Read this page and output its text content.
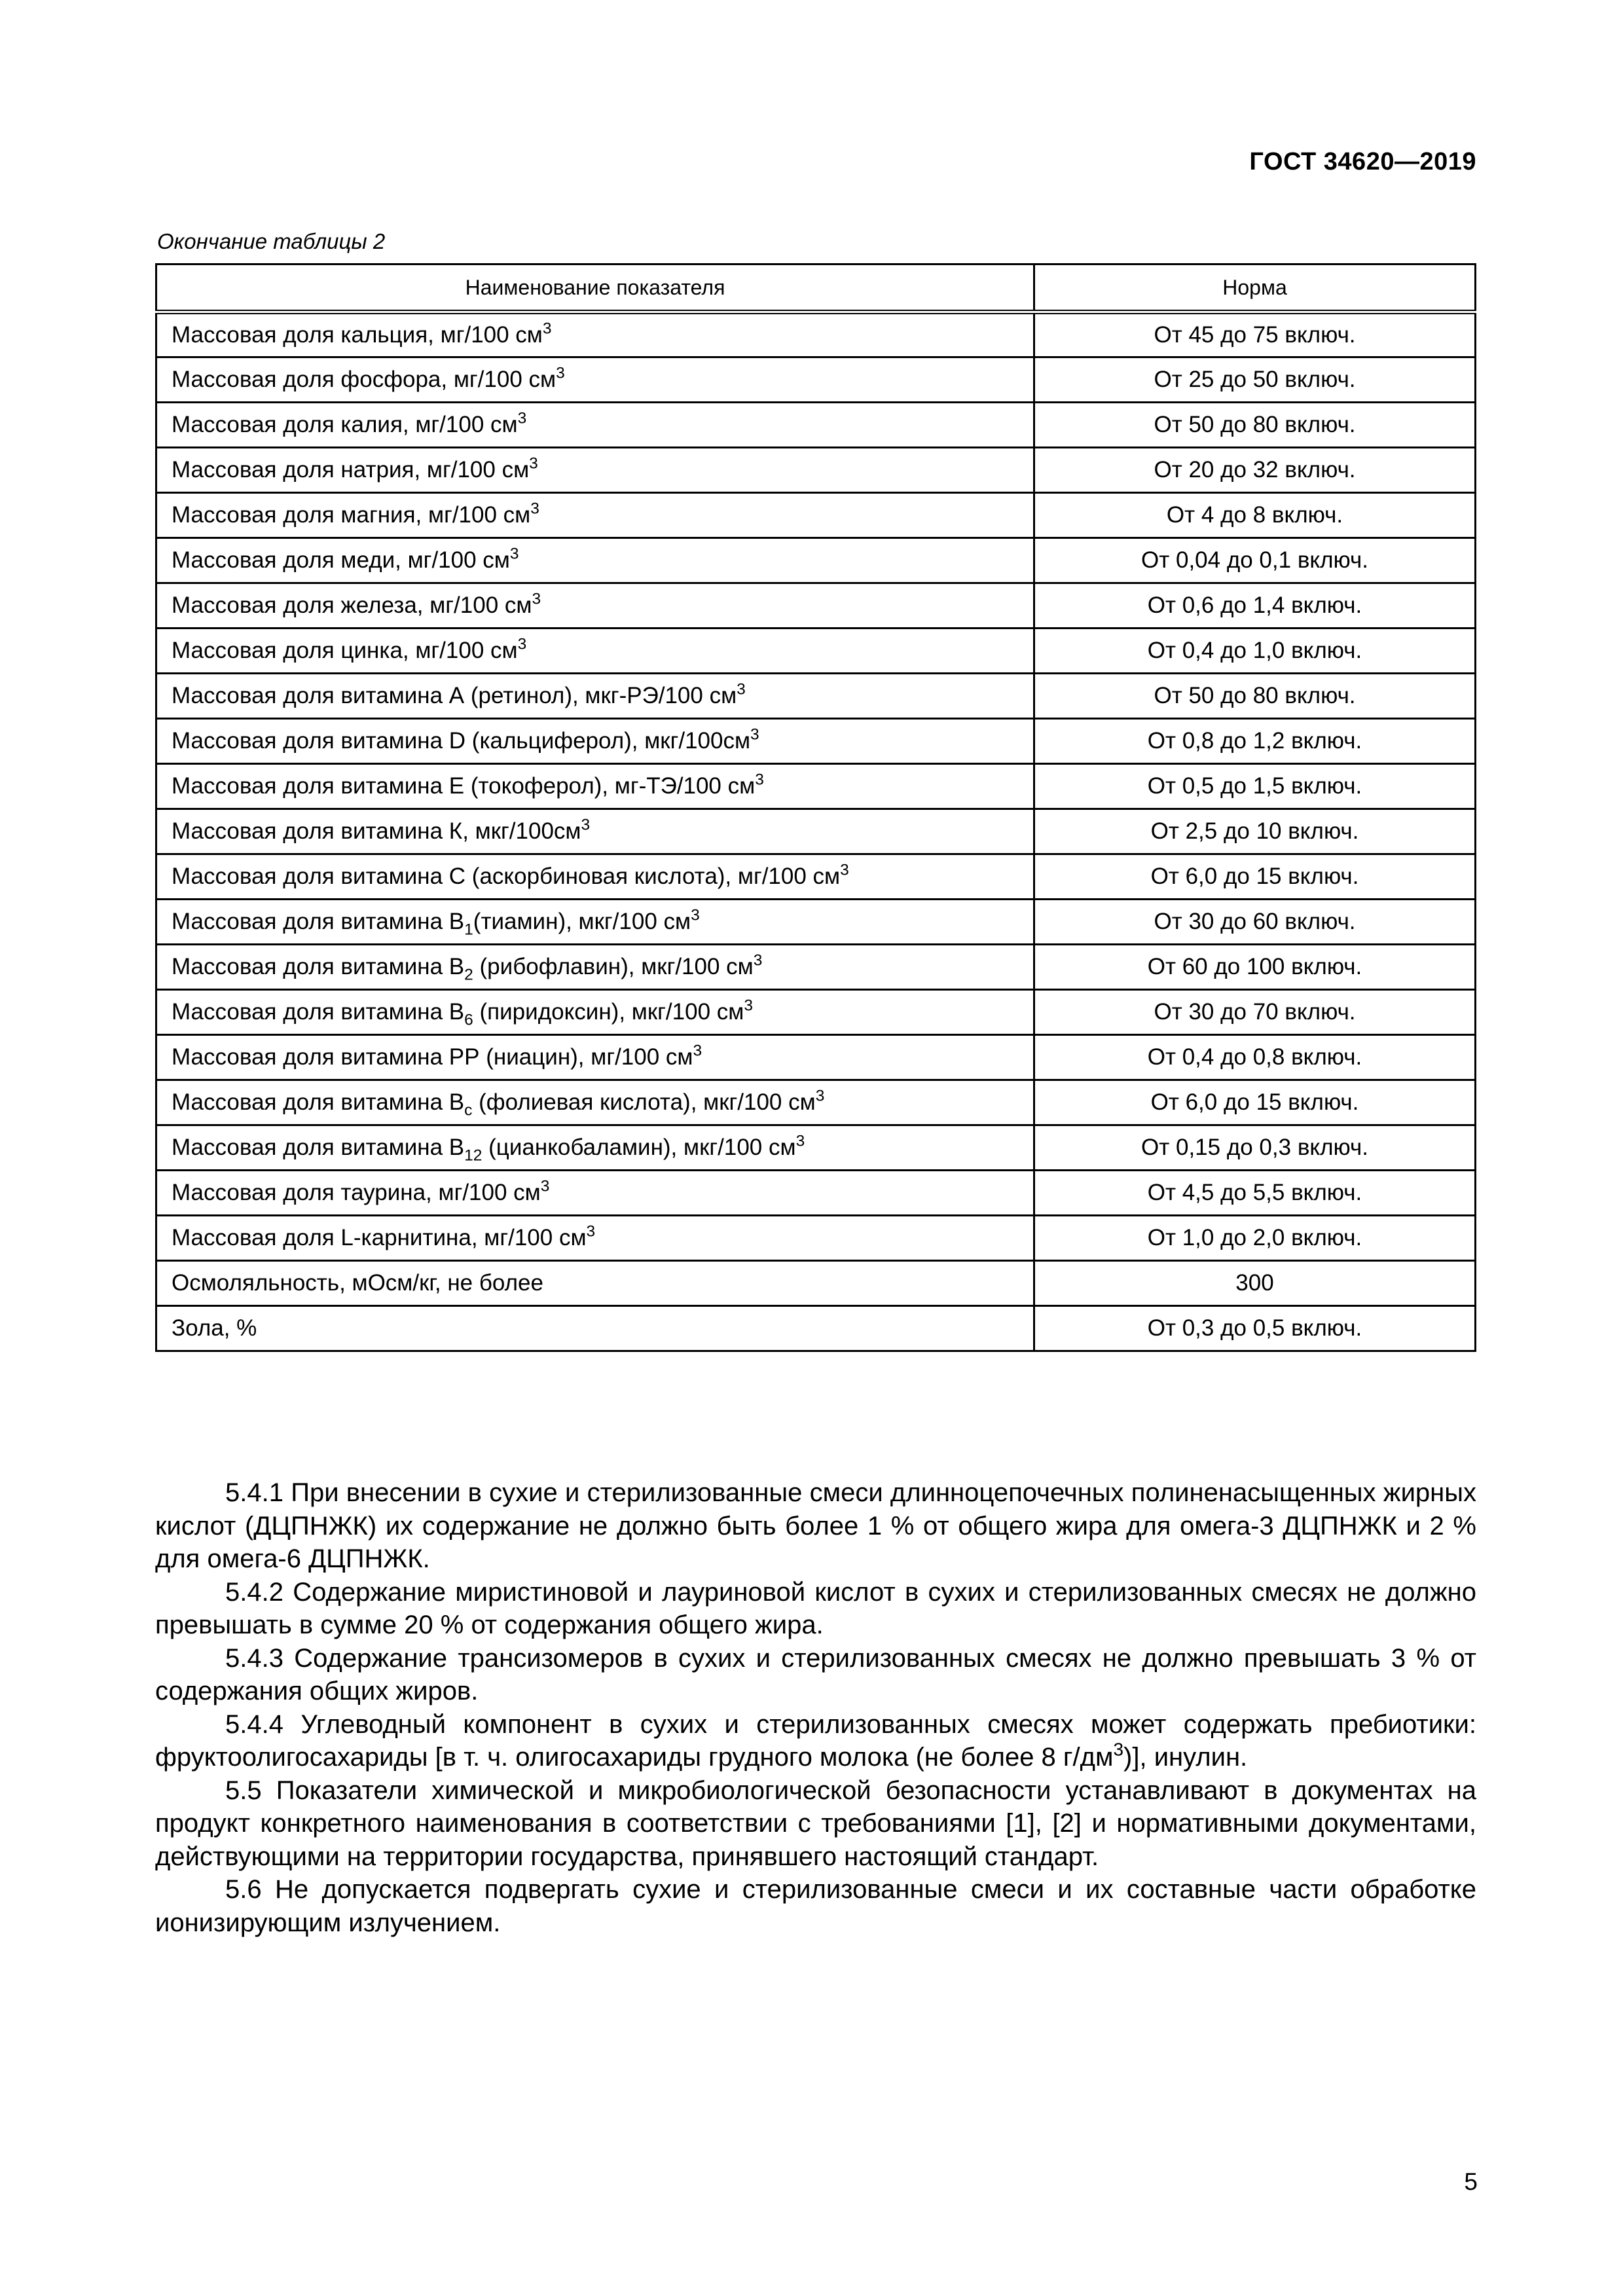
ГОСТ 34620—2019
Окончание таблицы 2
Наименование показателя	Норма
Массовая доля кальция, мг/100 $см^3$	От 45 до 75 включ.
Массовая доля фосфора, мг/100 $см^3$	От 25 до 50 включ.
Массовая доля калия, мг/100 $см^3$	От 50 до 80 включ.
Массовая доля натрия, мг/100 $см^3$	От 20 до 32 включ.
Массовая доля магния, мг/100 $см^3$	От 4 до 8 включ.
Массовая доля меди, мг/100 $см^3$	От 0,04 до 0,1 включ.
Массовая доля железа, мг/100 $см^3$	От 0,6 до 1,4 включ.
Массовая доля цинка, мг/100 $см^3$	От 0,4 до 1,0 включ.
Массовая доля витамина А (ретинол), мкг-РЭ/100 $см^3$	От 50 до 80 включ.
Массовая доля витамина D (кальциферол), мкг/$100см^3$	От 0,8 до 1,2 включ.
Массовая доля витамина Е (токоферол), мг-ТЭ/100 $см^3$	От 0,5 до 1,5 включ.
Массовая доля витамина К, мкг/$100см^3$	От 2,5 до 10 включ.
Массовая доля витамина С (аскорбиновая кислота), мг/100 $см^3$	От 6,0 до 15 включ.
Массовая доля витамина $В_1(тиамин)$, мкг/100 $см^3$	От 30 до 60 включ.
Массовая доля витамина $В_2$ (рибофлавин), мкг/100 $см^3$	От 60 до 100 включ.
Массовая доля витамина $В_6$ (пиридоксин), мкг/100 $см^3$	От 30 до 70 включ.
Массовая доля витамина РР (ниацин), мг/100 $см^3$	От 0,4 до 0,8 включ.
Массовая доля витамина $В_c$ (фолиевая кислота), мкг/100 $см^3$	От 6,0 до 15 включ.
Массовая доля витамина $В_{12}$ (цианкобаламин), мкг/100 $см^3$	От 0,15 до 0,3 включ.
Массовая доля таурина, мг/100 $см^3$	От 4,5 до 5,5 включ.
Массовая доля L-карнитина, мг/100 $см^3$	От 1,0 до 2,0 включ.
Осмоляльность, мОсм/кг, не более	300
Зола, %	От 0,3 до 0,5 включ.

5.4.1 При внесении в сухие и стерилизованные смеси длинноцепочечных полиненасыщенных жирных кислот (ДЦПНЖК) их содержание не должно быть более 1 % от общего жира для омега-3 ДЦПНЖК и 2 % для омега-6 ДЦПНЖК.

5.4.2 Содержание миристиновой и лауриновой кислот в сухих и стерилизованных смесях не должно превышать в сумме 20 % от содержания общего жира.

5.4.3 Содержание трансизомеров в сухих и стерилизованных смесях не должно превышать 3 % от содержания общих жиров.

5.4.4 Углеводный компонент в сухих и стерилизованных смесях может содержать пребиотики: фруктоолигосахариды [в т. ч. олигосахариды грудного молока (не более 8 $г/дм^3$)], инулин.

5.5 Показатели химической и микробиологической безопасности устанавливают в документах на продукт конкретного наименования в соответствии с требованиями [1], [2] и нормативными документами, действующими на территории государства, принявшего настоящий стандарт.

5.6 Не допускается подвергать сухие и стерилизованные смеси и их составные части обработке ионизирующим излучением.

5
